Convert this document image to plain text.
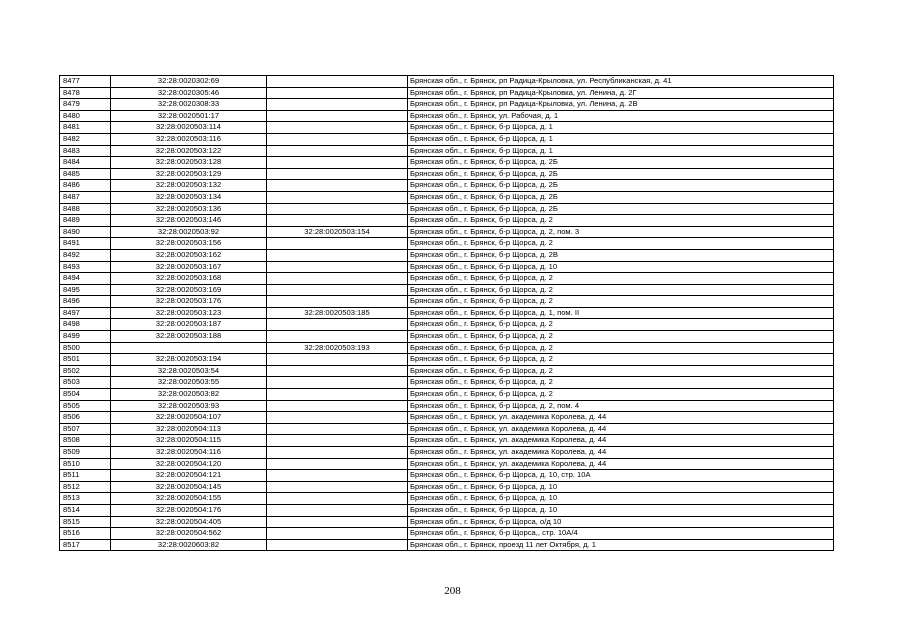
8477	32:28:0020302:69		Брянская обл., г. Брянск, рп Радица-Крыловка, ул. Республиканская, д. 41
8478	32:28:0020305:46		Брянская обл., г. Брянск, рп Радица-Крыловка, ул. Ленина, д. 2Г
8479	32:28:0020308:33		Брянская обл., г. Брянск, рп Радица-Крыловка, ул. Ленина, д. 2В
8480	32:28:0020501:17		Брянская обл., г. Брянск, ул. Рабочая, д. 1
8481	32:28:0020503:114		Брянская обл., г. Брянск, б-р Щорса, д. 1
8482	32:28:0020503:116		Брянская обл., г. Брянск, б-р Щорса, д. 1
8483	32:28:0020503:122		Брянская обл., г. Брянск, б-р Щорса, д. 1
8484	32:28:0020503:128		Брянская обл., г. Брянск, б-р Щорса, д. 2Б
8485	32:28:0020503:129		Брянская обл., г. Брянск, б-р Щорса, д. 2Б
8486	32:28:0020503:132		Брянская обл., г. Брянск, б-р Щорса, д. 2Б
8487	32:28:0020503:134		Брянская обл., г. Брянск, б-р Щорса, д. 2Б
8488	32:28:0020503:136		Брянская обл., г. Брянск, б-р Щорса, д. 2Б
8489	32:28:0020503:146		Брянская обл., г. Брянск, б-р Щорса, д. 2
8490	32:28:0020503:92	32:28:0020503:154	Брянская обл., г. Брянск, б-р Щорса, д. 2, пом. 3
8491	32:28:0020503:156		Брянская обл., г. Брянск, б-р Щорса, д. 2
8492	32:28:0020503:162		Брянская обл., г. Брянск, б-р Щорса, д. 2В
8493	32:28:0020503:167		Брянская обл., г. Брянск, б-р Щорса, д. 10
8494	32:28:0020503:168		Брянская обл., г. Брянск, б-р Щорса, д. 2
8495	32:28:0020503:169		Брянская обл., г. Брянск, б-р Щорса, д. 2
8496	32:28:0020503:176		Брянская обл., г. Брянск, б-р Щорса, д. 2
8497	32:28:0020503:123	32:28:0020503:185	Брянская обл., г. Брянск, б-р Щорса, д. 1, пом. II
8498	32:28:0020503:187		Брянская обл., г. Брянск, б-р Щорса, д. 2
8499	32:28:0020503:188		Брянская обл., г. Брянск, б-р Щорса, д. 2
8500		32:28:0020503:193	Брянская обл., г. Брянск, б-р Щорса, д. 2
8501	32:28:0020503:194		Брянская обл., г. Брянск, б-р Щорса, д. 2
8502	32:28:0020503:54		Брянская обл., г. Брянск, б-р Щорса, д. 2
8503	32:28:0020503:55		Брянская обл., г. Брянск, б-р Щорса, д. 2
8504	32:28:0020503:82		Брянская обл., г. Брянск, б-р Щорса, д. 2
8505	32:28:0020503:93		Брянская обл., г. Брянск, б-р Щорса, д. 2, пом. 4
8506	32:28:0020504:107		Брянская обл., г. Брянск, ул. академика Королева, д. 44
8507	32:28:0020504:113		Брянская обл., г. Брянск, ул. академика Королева, д. 44
8508	32:28:0020504:115		Брянская обл., г. Брянск, ул. академика Королева, д. 44
8509	32:28:0020504:116		Брянская обл., г. Брянск, ул. академика Королева, д. 44
8510	32:28:0020504:120		Брянская обл., г. Брянск, ул. академика Королева, д. 44
8511	32:28:0020504:121		Брянская обл., г. Брянск, б-р Щорса, д. 10, стр. 10А
8512	32:28:0020504:145		Брянская обл., г. Брянск, б-р Щорса, д. 10
8513	32:28:0020504:155		Брянская обл., г. Брянск, б-р Щорса, д. 10
8514	32:28:0020504:176		Брянская обл., г. Брянск, б-р Щорса, д. 10
8515	32:28:0020504:405		Брянская обл., г. Брянск, б-р Щорса, о/д 10
8516	32:28:0020504:562		Брянская обл., г. Брянск, б-р Щорса,, стр. 10А/4
8517	32:28:0020603:82		Брянская обл., г. Брянск, проезд 11 лет Октября, д. 1
208
